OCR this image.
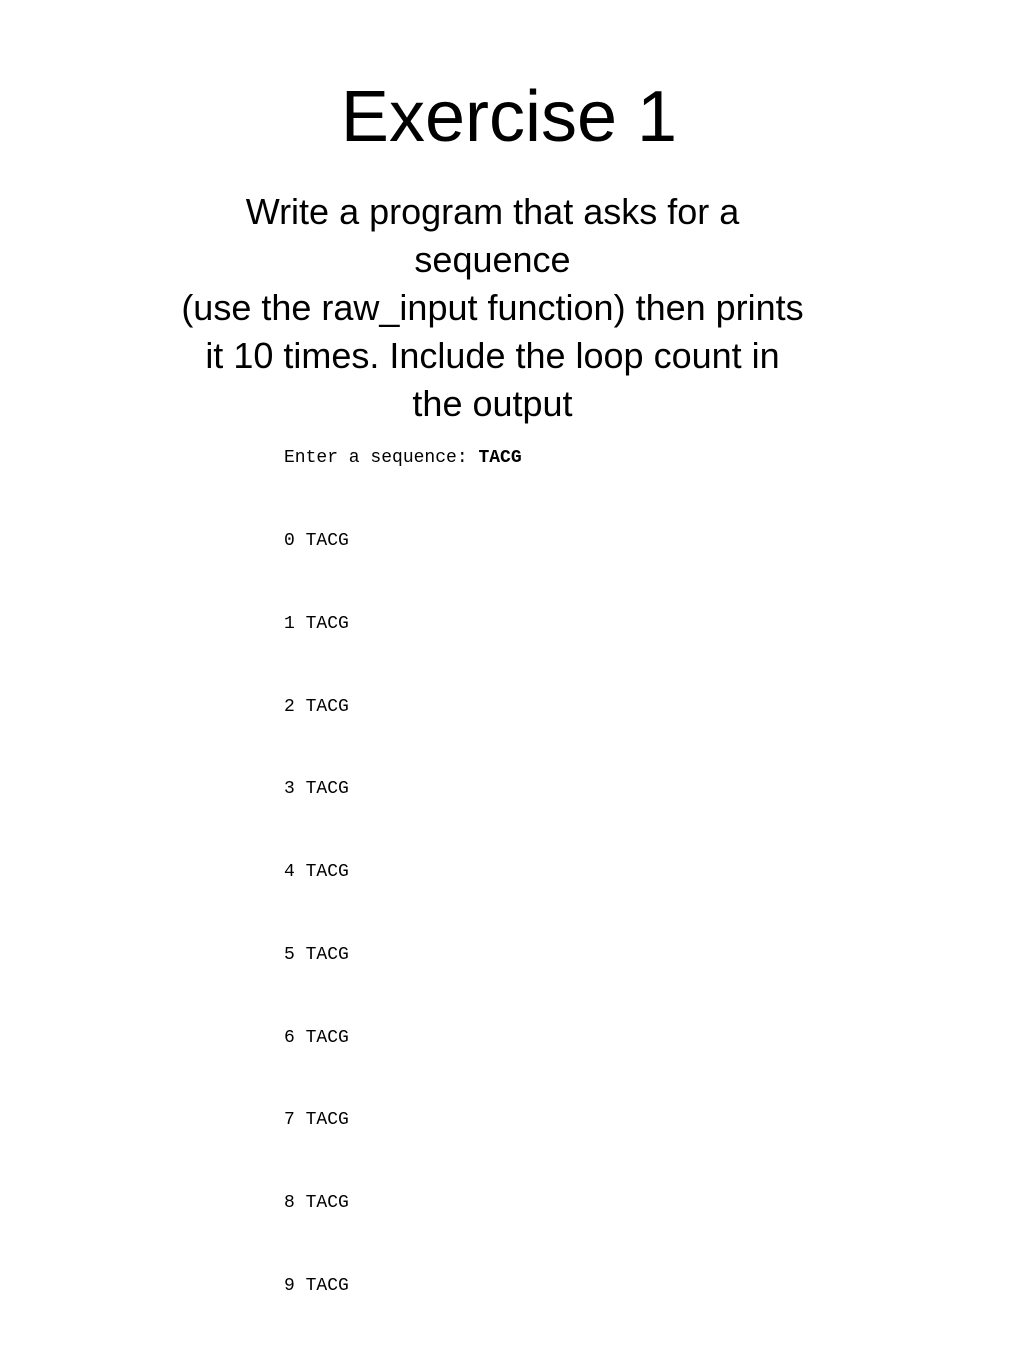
Exercise 1

Enter a sequence: TACG

0 TACG

1 TACG

2 TACG

3 TACG

4 TACG

5 TACG

6 TACG

7 TACG

8 TACG

9 TACG

Write a program that asks for a
sequence
(use the raw_input function) then prints
it 10 times. Include the loop count in
the output
